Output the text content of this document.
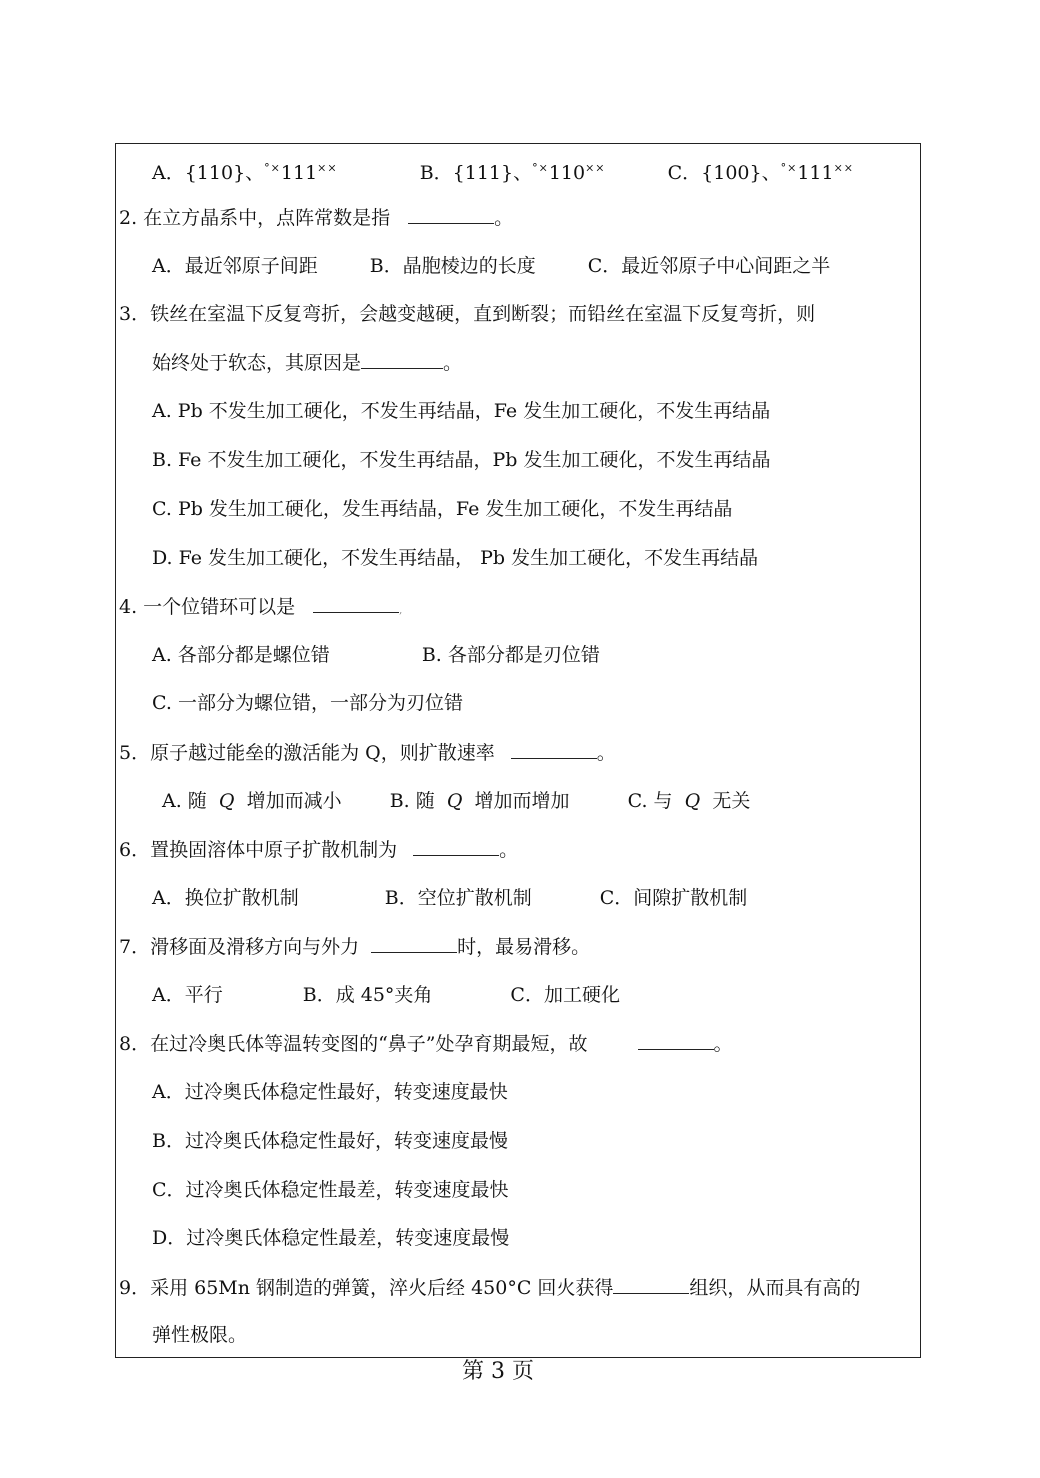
A．{110}、°×111××	B．{111}、°×110××	C．{100}、°×111××
2. 在立方晶系中，点阵常数是指	。
A．最近邻原子间距	B．晶胞棱边的长度	C．最近邻原子中心间距之半
3．铁丝在室温下反复弯折，会越变越硬，直到断裂；而铅丝在室温下反复弯折，则
始终处于软态，其原因是	。
A. Pb 不发生加工硬化，不发生再结晶，Fe 发生加工硬化，不发生再结晶
B. Fe 不发生加工硬化，不发生再结晶，Pb 发生加工硬化，不发生再结晶
C. Pb 发生加工硬化，发生再结晶，Fe 发生加工硬化，不发生再结晶
D. Fe 发生加工硬化，不发生再结晶， Pb 发生加工硬化，不发生再结晶
4. 一个位错环可以是	,
A. 各部分都是螺位错	B. 各部分都是刃位错
C. 一部分为螺位错，一部分为刃位错
5．原子越过能垒的激活能为 Q，则扩散速率	。
A. 随 Q 增加而减小	B. 随 Q 增加而增加	C. 与 Q 无关
6．置换固溶体中原子扩散机制为	。
A．换位扩散机制	B．空位扩散机制	C．间隙扩散机制
7．滑移面及滑移方向与外力	时，最易滑移。
A．平行	B．成 45°夹角	C．加工硬化
8．在过冷奥氏体等温转变图的“鼻子”处孕育期最短，故	。
A．过冷奥氏体稳定性最好，转变速度最快
B．过冷奥氏体稳定性最好，转变速度最慢
C．过冷奥氏体稳定性最差，转变速度最快
D．过冷奥氏体稳定性最差，转变速度最慢
9．采用 65Mn 钢制造的弹簧，淬火后经 450°C 回火获得	组织，从而具有高的
弹性极限。
第 3 页
